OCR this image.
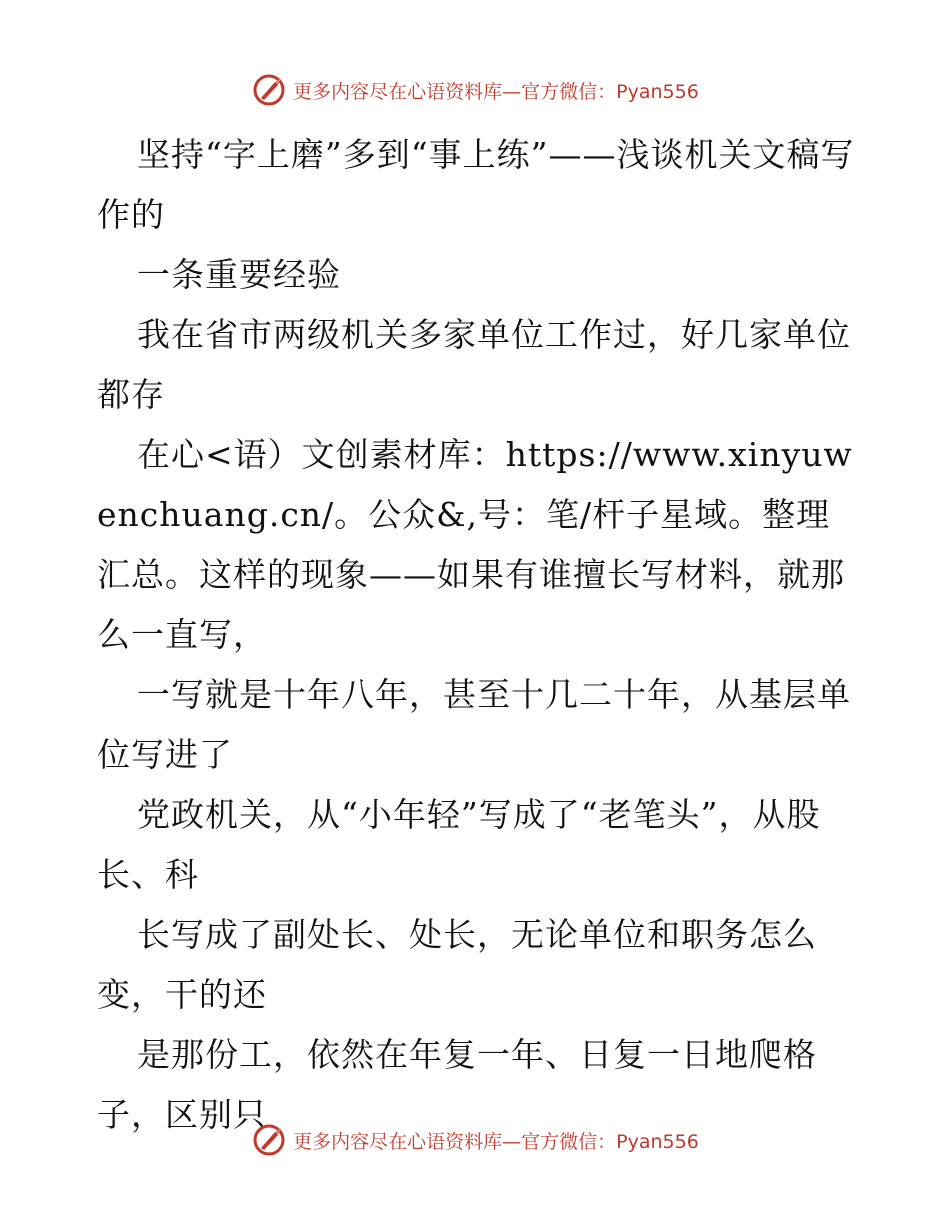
更多内容尽在心语资料库—官方微信：Pyan556

坚持“字上磨”多到“事上练”——浅谈机关文稿写作的

一条重要经验

我在省市两级机关多家单位工作过，好几家单位都存

在心<语）文创素材库：https://www.xinyuwenchuang.cn/。公众&,号：笔/杆子星域。整理汇总。这样的现象——如果有谁擅长写材料，就那么一直写，

一写就是十年八年，甚至十几二十年，从基层单位写进了

党政机关，从“小年轻”写成了“老笔头”，从股长、科

长写成了副处长、处长，无论单位和职务怎么变，干的还

是那份工，依然在年复一年、日复一日地爬格子，区别只

更多内容尽在心语资料库—官方微信：Pyan556
